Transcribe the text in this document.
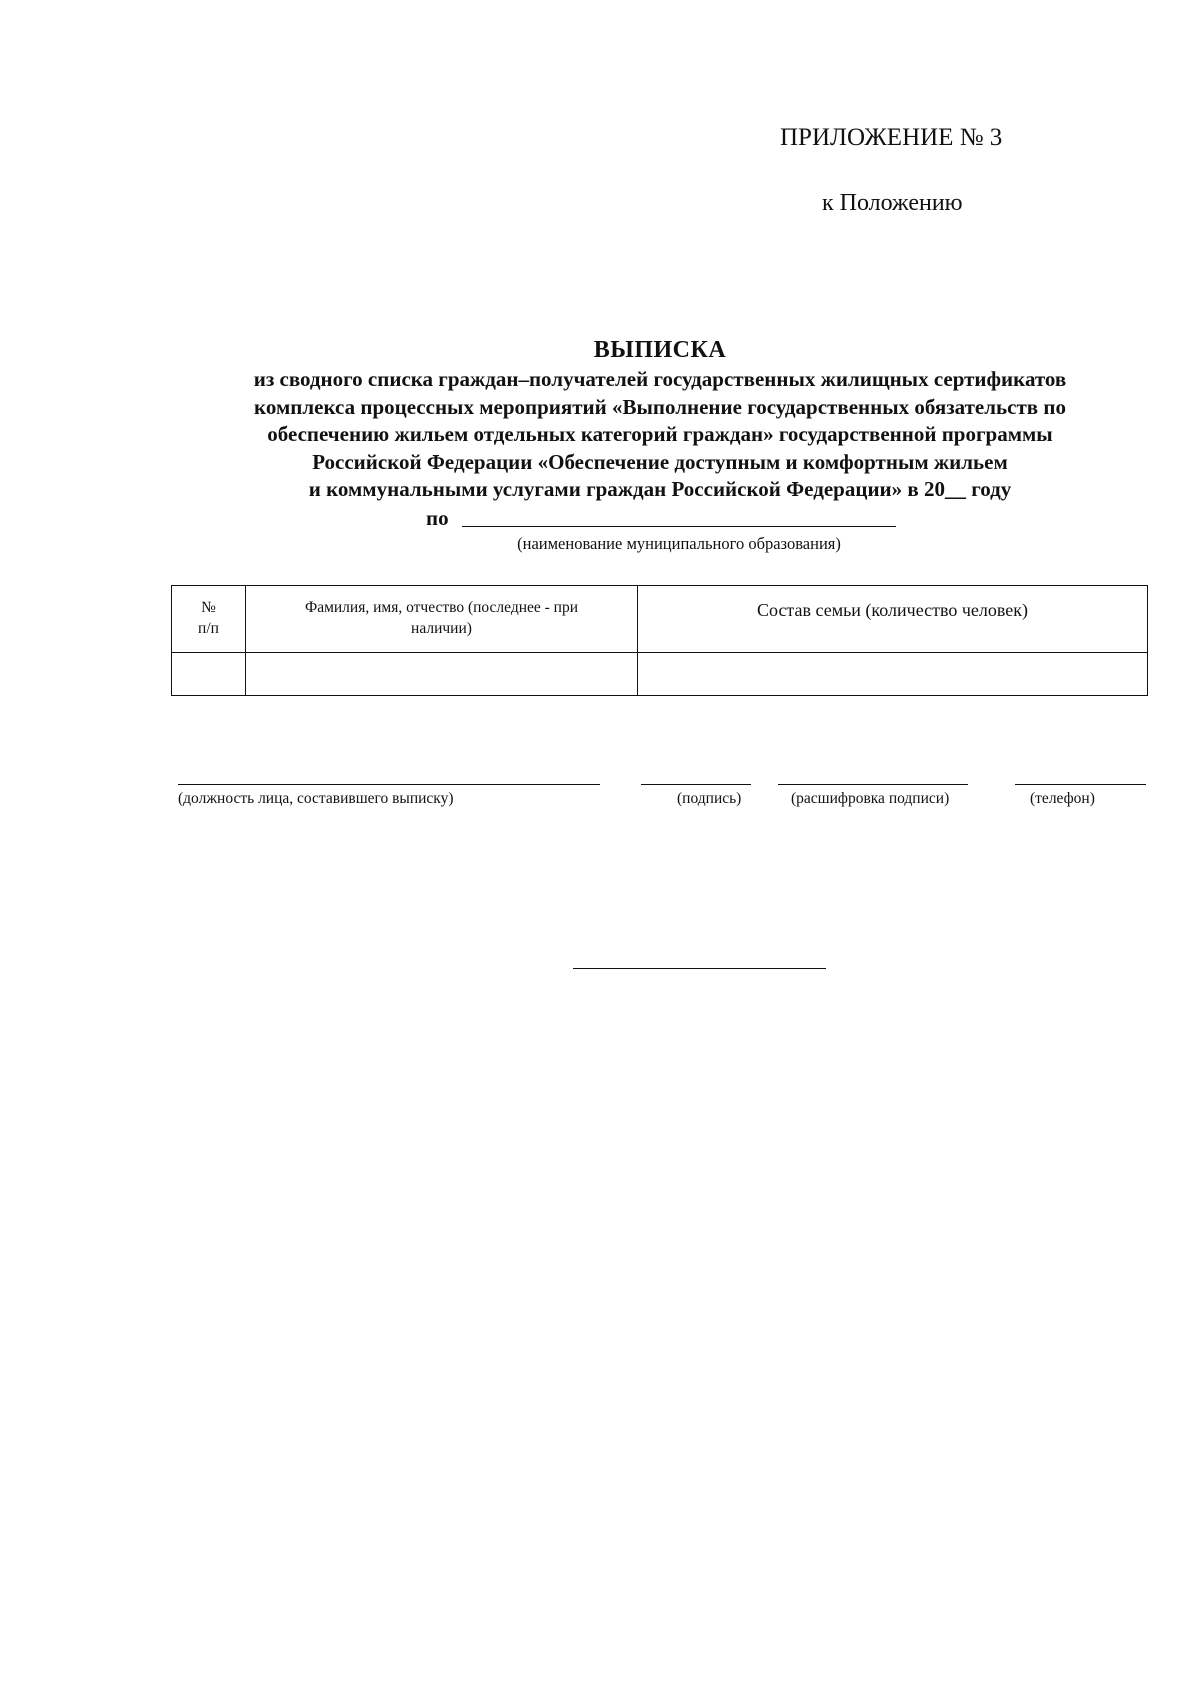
ПРИЛОЖЕНИЕ № 3
к Положению
ВЫПИСКА
из сводного списка граждан–получателей государственных жилищных сертификатов
комплекса процессных мероприятий «Выполнение государственных обязательств по
обеспечению жильем отдельных категорий граждан» государственной программы
Российской Федерации «Обеспечение доступным и комфортным жильем
и коммунальными услугами граждан Российской Федерации» в 20__ году
по
(наименование муниципального образования)
№
п/п	Фамилия, имя, отчество (последнее - при наличии)	Состав семьи (количество человек)

(должность лица, составившего выписку)	(подпись)	(расшифровка подписи)	(телефон)
